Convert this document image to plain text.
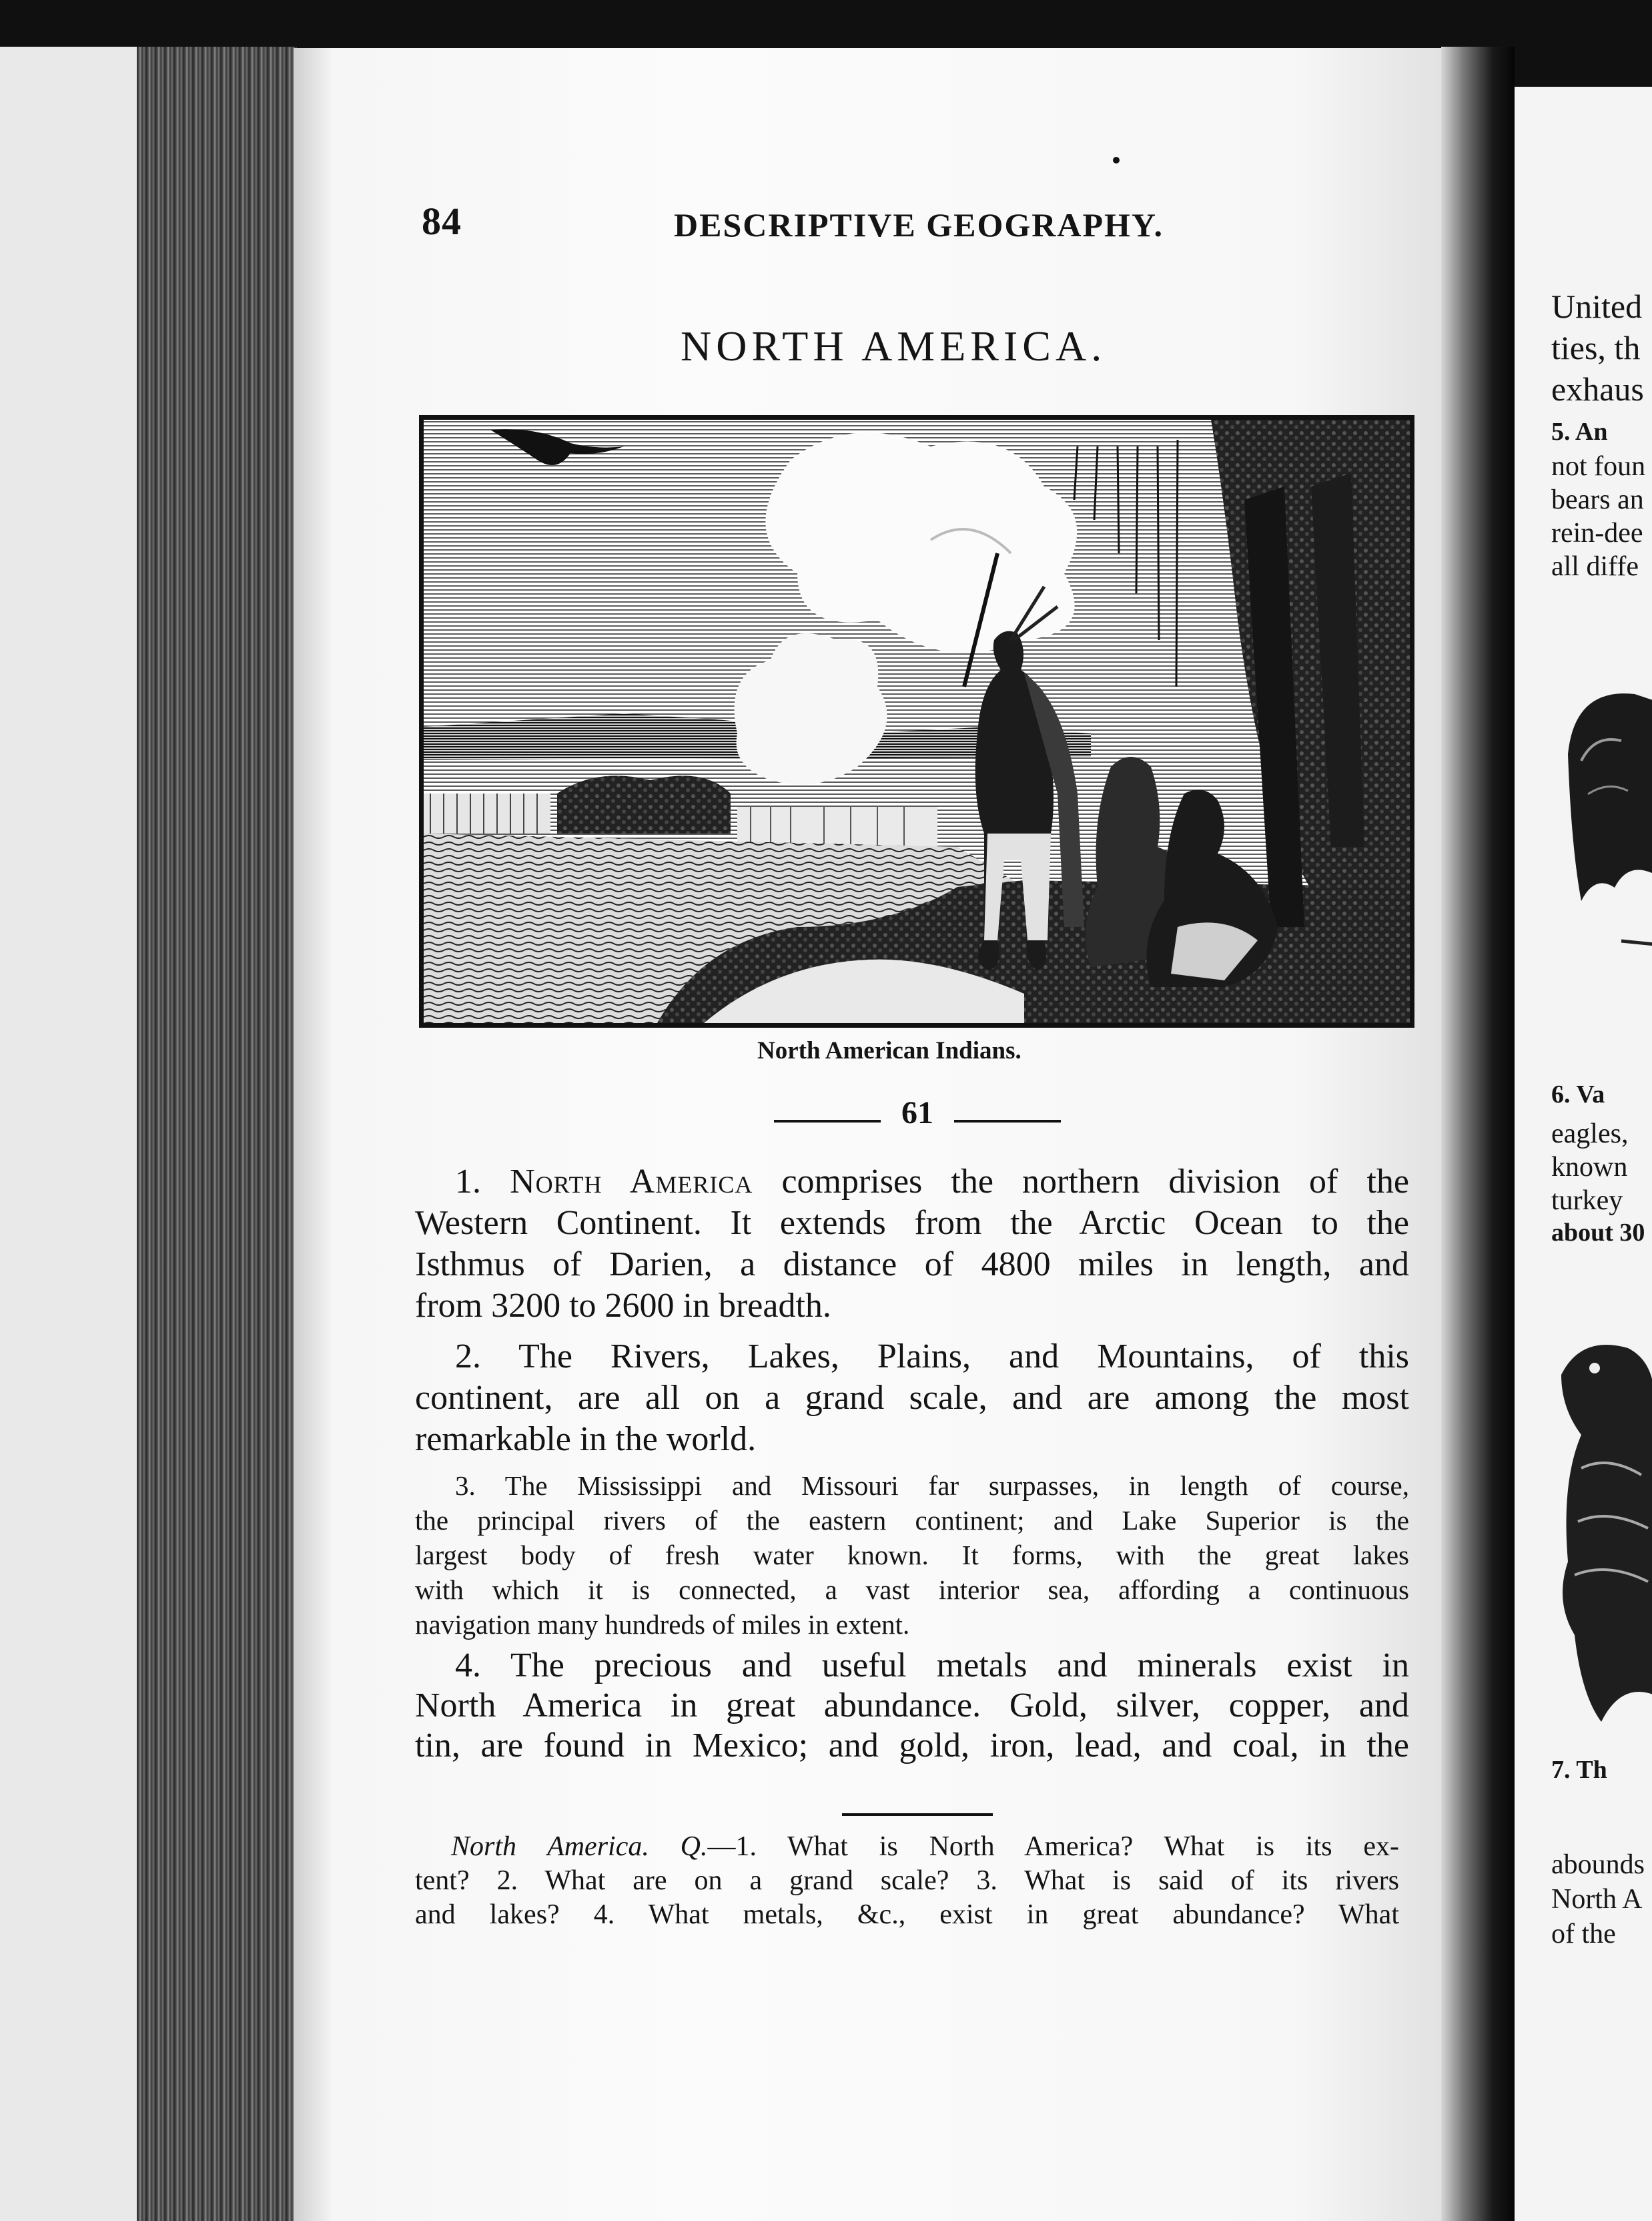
United
ties, th
exhaus
5. An
not foun
bears an
rein-dee
all diffe
6. Va
eagles,
known
turkey
about 30
7. Th
abounds
North A
of the
84	DESCRIPTIVE GEOGRAPHY.
NORTH AMERICA.
North American Indians.
61
1. North America comprises the northern division of the
Western Continent. It extends from the Arctic Ocean to the
Isthmus of Darien, a distance of 4800 miles in length, and
from 3200 to 2600 in breadth.
2. The Rivers, Lakes, Plains, and Mountains, of this
continent, are all on a grand scale, and are among the most
remarkable in the world.
3. The Mississippi and Missouri far surpasses, in length of course,
the principal rivers of the eastern continent; and Lake Superior is the
largest body of fresh water known. It forms, with the great lakes
with which it is connected, a vast interior sea, affording a continuous
navigation many hundreds of miles in extent.
4. The precious and useful metals and minerals exist in
North America in great abundance. Gold, silver, copper, and
tin, are found in Mexico; and gold, iron, lead, and coal, in the
North America. Q.—1. What is North America? What is its ex-
tent? 2. What are on a grand scale? 3. What is said of its rivers
and lakes? 4. What metals, &c., exist in great abundance? What
